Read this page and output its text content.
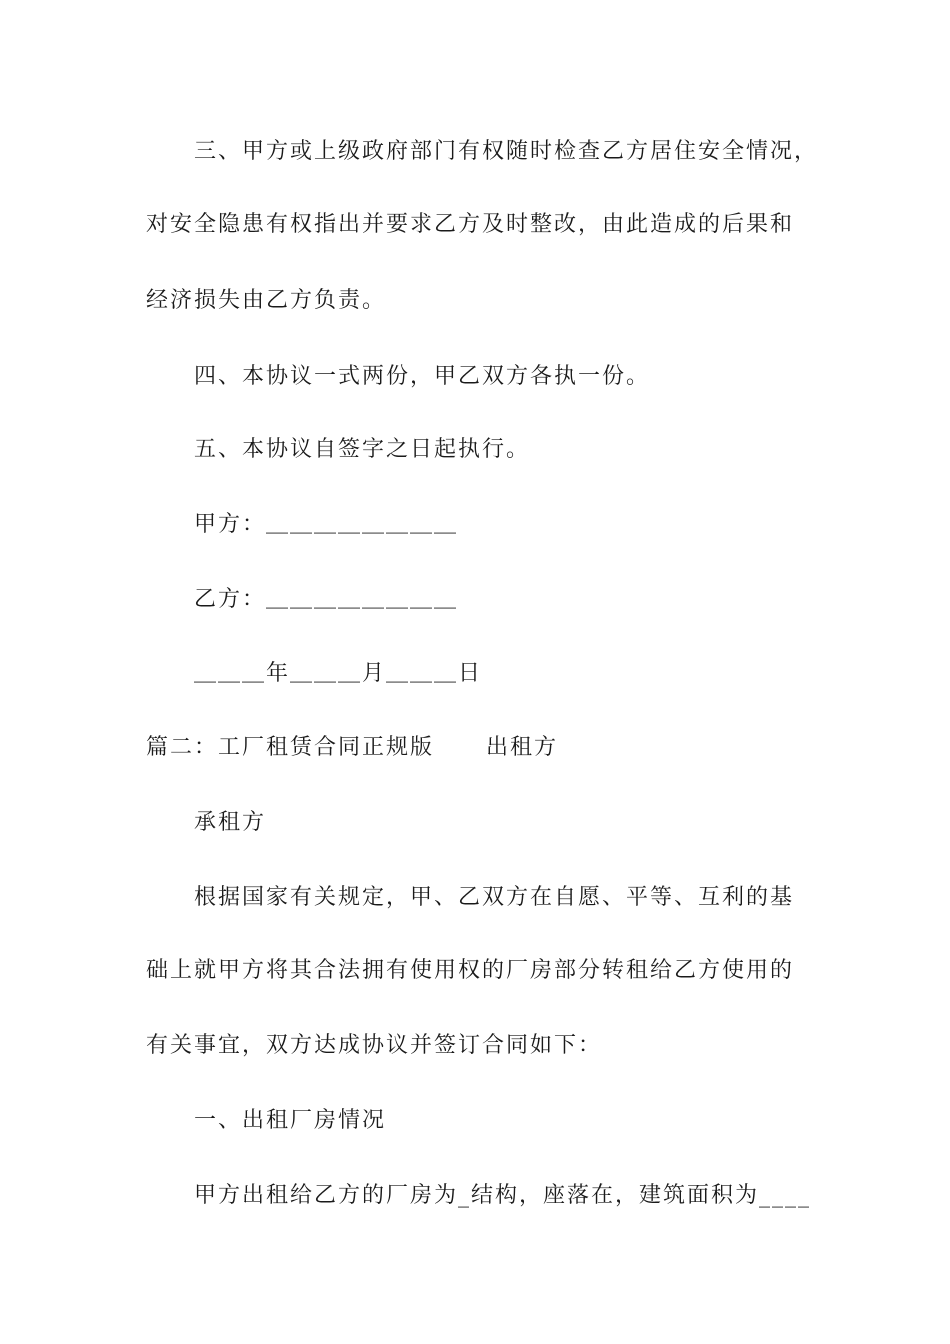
三、甲方或上级政府部门有权随时检查乙方居住安全情况，
对安全隐患有权指出并要求乙方及时整改，由此造成的后果和
经济损失由乙方负责。
四、本协议一式两份，甲乙双方各执一份。
五、本协议自签字之日起执行。
甲方：＿＿＿＿＿＿＿＿
乙方：＿＿＿＿＿＿＿＿
＿＿＿年＿＿＿月＿＿＿日
篇二：工厂租赁合同正规版 出租方
承租方
根据国家有关规定，甲、乙双方在自愿、平等、互利的基
础上就甲方将其合法拥有使用权的厂房部分转租给乙方使用的
有关事宜，双方达成协议并签订合同如下：
一、出租厂房情况
甲方出租给乙方的厂房为_结构，座落在，建筑面积为____
